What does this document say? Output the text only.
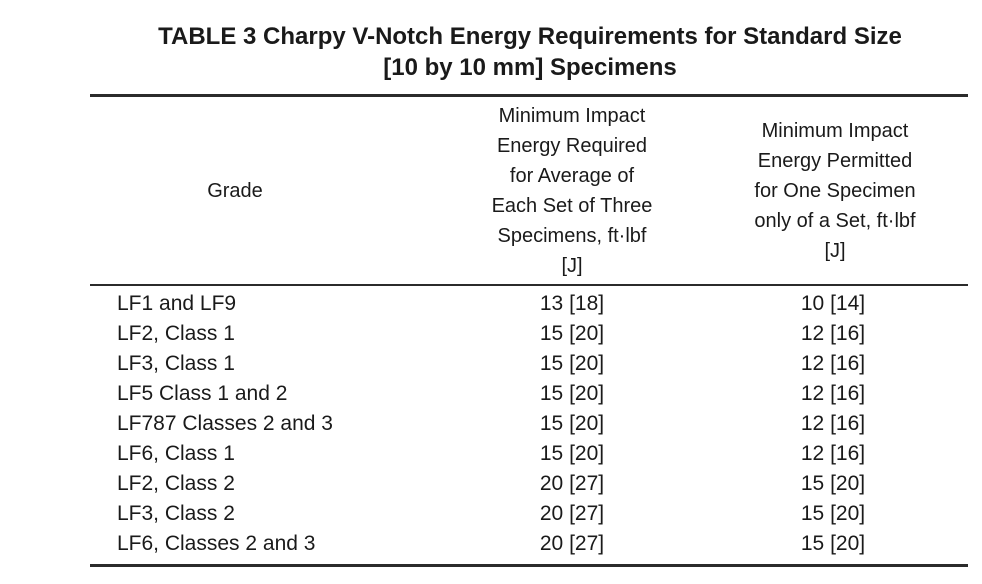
TABLE 3 Charpy V-Notch Energy Requirements for Standard Size
[10 by 10 mm] Specimens
Grade
Minimum Impact
Energy Required
for Average of
Each Set of Three
Specimens, ft·lbf
[J]
Minimum Impact
Energy Permitted
for One Specimen
only of a Set, ft·lbf
[J]
LF1 and LF9	13 [18]	10 [14]
LF2, Class 1	15 [20]	12 [16]
LF3, Class 1	15 [20]	12 [16]
LF5 Class 1 and 2	15 [20]	12 [16]
LF787 Classes 2 and 3	15 [20]	12 [16]
LF6, Class 1	15 [20]	12 [16]
LF2, Class 2	20 [27]	15 [20]
LF3, Class 2	20 [27]	15 [20]
LF6, Classes 2 and 3	20 [27]	15 [20]
